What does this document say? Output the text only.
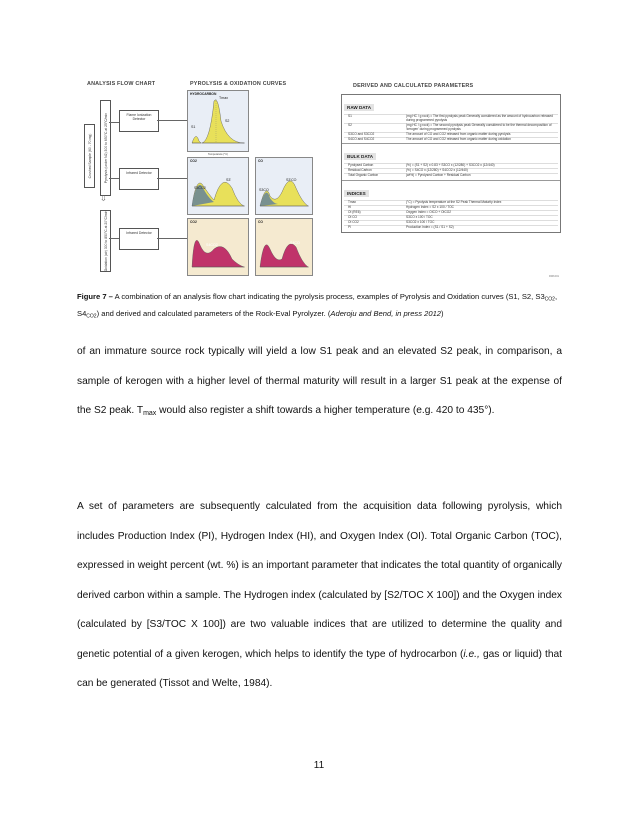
ANALYSIS FLOW CHART
Crushed Sample (60 - 70 mg)	Pyrolysis (under N2) 300 to 650°C at 25°C/min
Oxidation (air) 300 to 850°C at 20°C/min
⇩
Flame Ionization Detector
Infrared Detector
Infrared Detector
PYROLYSIS & OXIDATION CURVES
HYDROCARBON
S1
S2
Tmax
Temperature (°C)
CO2
S3CO2
S3'
CO
S3CO
S3'CO
CO2
S4CO2
CO
S4CO
DERIVED AND CALCULATED PARAMETERS
RAW DATA
S1	(mg HC / g rock) = The first pyrolysis peak Generally considered as the amount of hydrocarbon released during programmed pyrolysis
S2	(mg HC / g rock) = The second pyrolysis peak Generally considered to be the thermal decomposition of 'kerogen' during programmed pyrolysis
S3CO and S3CO2	The amount of CO and CO2 released from organic matter during pyrolysis
S4CO and S4CO2	The amount of CO and CO2 released from organic matter during oxidation
BULK DATA
Pyrolysed Carbon	(%) = (S1 + S2) x 0.83 + S3CO x (12/280) + S3CO2 x (12/440)
Residual Carbon	(%) = S4CO x (12/280) + S4CO2 x (12/440)
Total Organic Carbon	(wt%) = Pyrolysed Carbon + Residual Carbon
INDICES
Tmax	(°C) = Pyrolysis temperature at the S2 Peak Thermal Maturity Index
HI	Hydrogen Index = S2 x 100 / TOC
OI (RE6)	Oxygen Index = OICO + OICO2
OI CO	S3CO x 100 / TOC
OI CO2	S3CO2 x 100 / TOC
PI	Production Index = (S1 / S1 + S2)
R08-001
Figure 7 – A combination of an analysis flow chart indicating the pyrolysis process, examples of Pyrolysis and Oxidation curves (S1, S2, $S3_{CO2}$, $S4_{CO2}$) and derived and calculated parameters of the Rock-Eval Pyrolyzer. (Aderoju and Bend, in press 2012)

of an immature source rock typically will yield a low S1 peak and an elevated S2 peak, in comparison, a sample of kerogen with a higher level of thermal maturity will result in a larger S1 peak at the expense of the S2 peak. $T_{max}$ would also register a shift towards a higher temperature (e.g. 420 to 435°).

A set of parameters are subsequently calculated from the acquisition data following pyrolysis, which includes Production Index (PI), Hydrogen Index (HI), and Oxygen Index (OI). Total Organic Carbon (TOC), expressed in weight percent (wt. %) is an important parameter that indicates the total quantity of organically derived carbon within a sample. The Hydrogen index (calculated by [S2/TOC X 100]) and the Oxygen index (calculated by [S3/TOC X 100]) are two valuable indices that are utilized to determine the quality and genetic potential of a given kerogen, which helps to identify the type of hydrocarbon (i.e., gas or liquid) that can be generated (Tissot and Welte, 1984).

11
